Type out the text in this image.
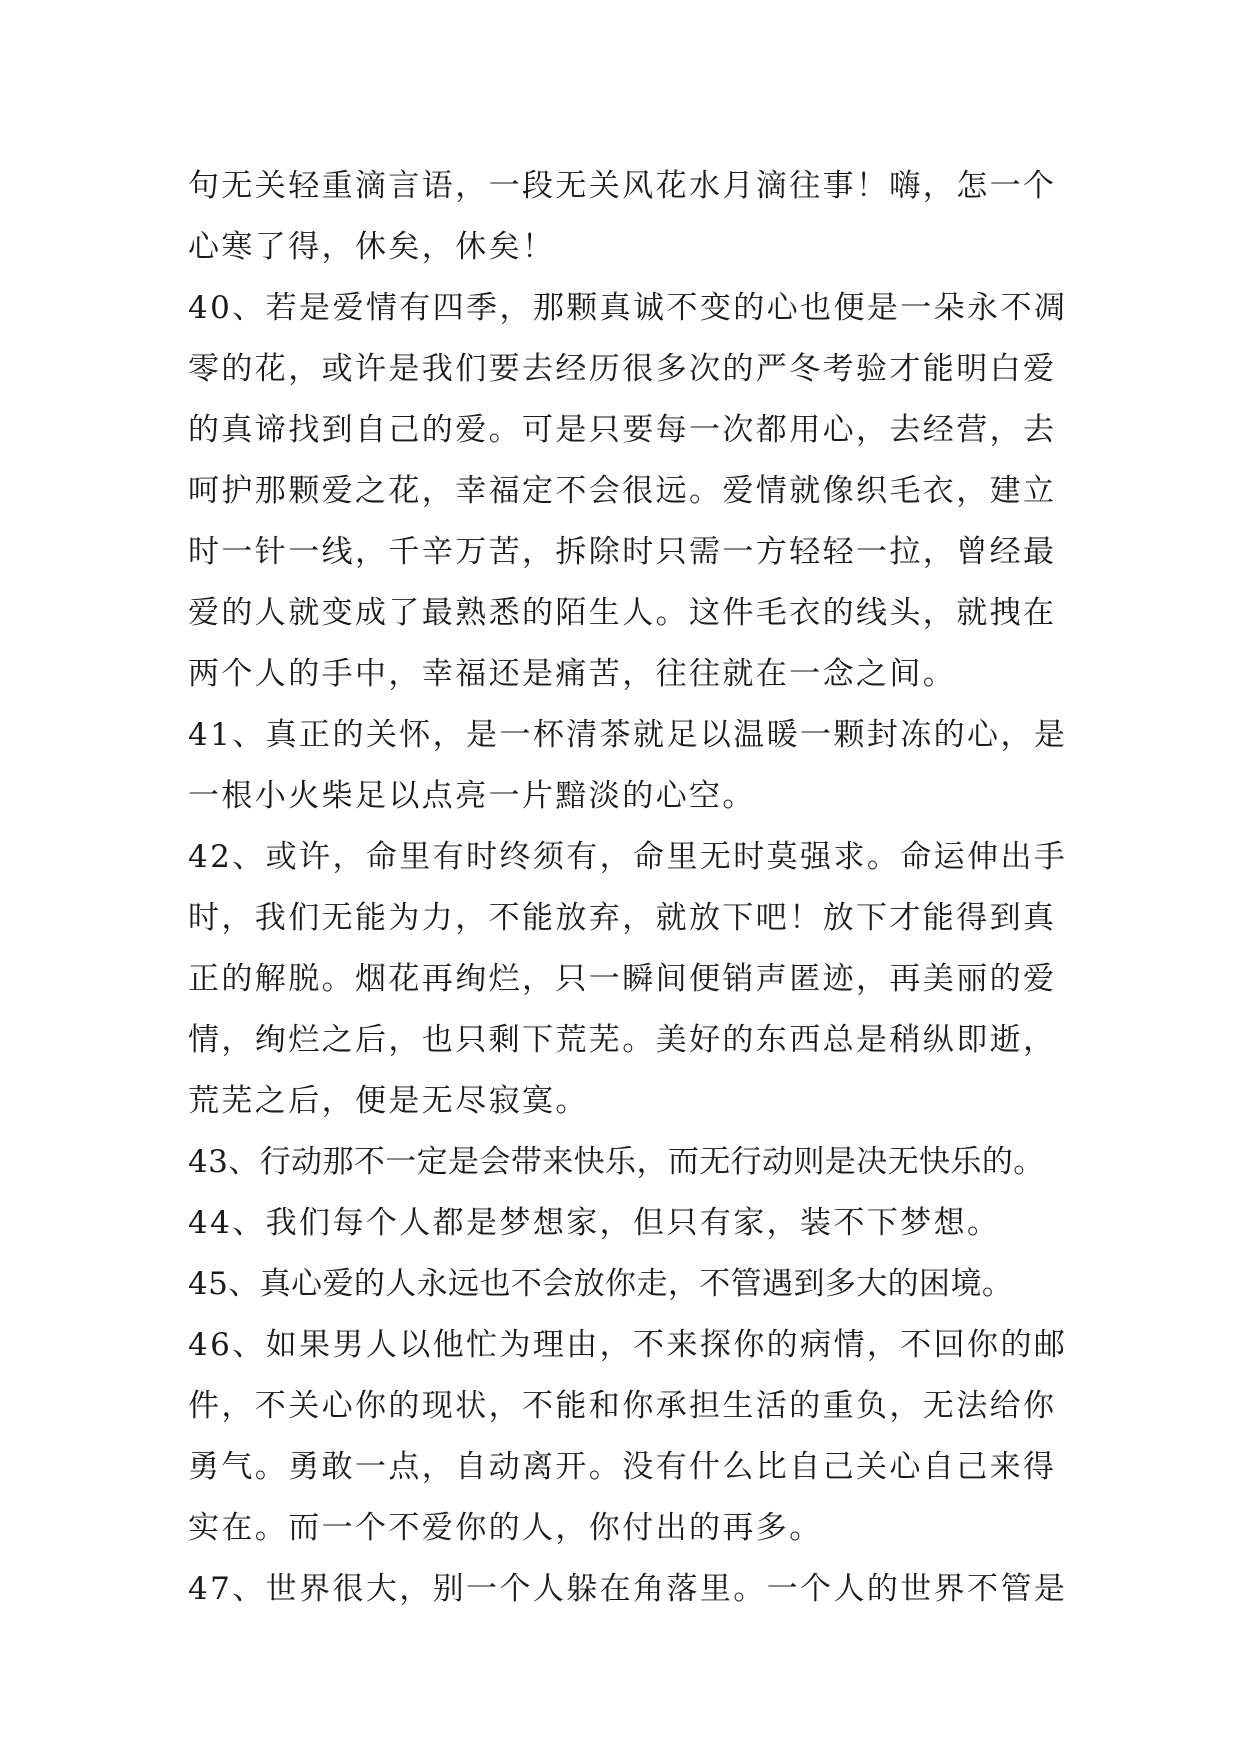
句无关轻重滴言语，一段无关风花水月滴往事！嗨，怎一个
心寒了得，休矣，休矣！
40、若是爱情有四季，那颗真诚不变的心也便是一朵永不凋
零的花，或许是我们要去经历很多次的严冬考验才能明白爱
的真谛找到自己的爱。可是只要每一次都用心，去经营，去
呵护那颗爱之花，幸福定不会很远。爱情就像织毛衣，建立
时一针一线，千辛万苦，拆除时只需一方轻轻一拉，曾经最
爱的人就变成了最熟悉的陌生人。这件毛衣的线头，就拽在
两个人的手中，幸福还是痛苦，往往就在一念之间。
41、真正的关怀，是一杯清茶就足以温暖一颗封冻的心，是
一根小火柴足以点亮一片黯淡的心空。
42、或许，命里有时终须有，命里无时莫强求。命运伸出手
时，我们无能为力，不能放弃，就放下吧！放下才能得到真
正的解脱。烟花再绚烂，只一瞬间便销声匿迹，再美丽的爱
情，绚烂之后，也只剩下荒芜。美好的东西总是稍纵即逝，
荒芜之后，便是无尽寂寞。
43、行动那不一定是会带来快乐，而无行动则是决无快乐的。
44、我们每个人都是梦想家，但只有家，装不下梦想。
45、真心爱的人永远也不会放你走，不管遇到多大的困境。
46、如果男人以他忙为理由，不来探你的病情，不回你的邮
件，不关心你的现状，不能和你承担生活的重负，无法给你
勇气。勇敢一点，自动离开。没有什么比自己关心自己来得
实在。而一个不爱你的人，你付出的再多。
47、世界很大，别一个人躲在角落里。一个人的世界不管是
